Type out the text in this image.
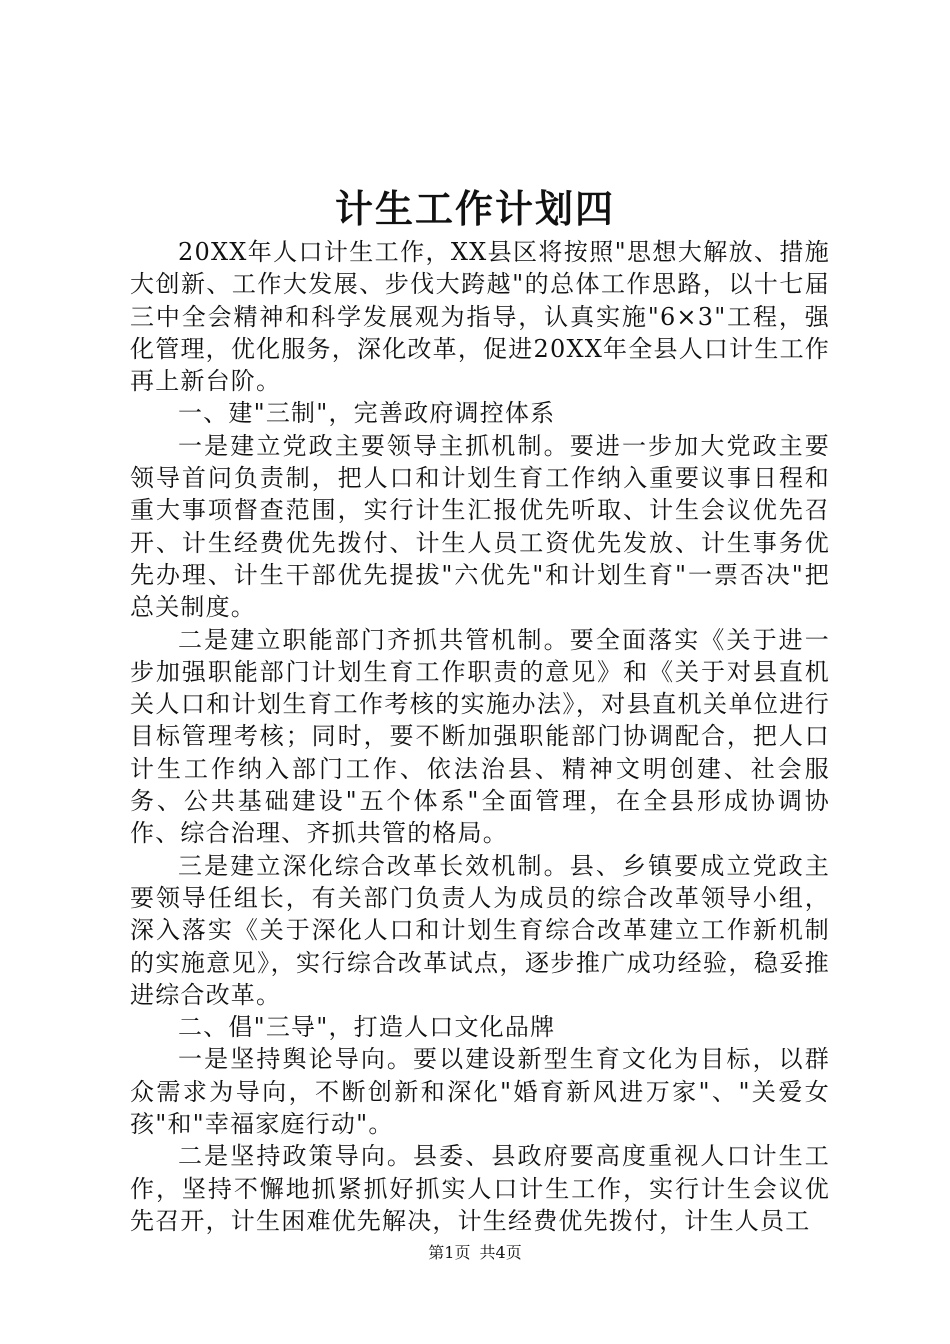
计生工作计划四

20XX年人口计生工作，XX县区将按照"思想大解放、措施大创新、工作大发展、步伐大跨越"的总体工作思路，以十七届三中全会精神和科学发展观为指导，认真实施"6×3"工程，强化管理，优化服务，深化改革，促进20XX年全县人口计生工作再上新台阶。

一、建"三制"，完善政府调控体系

一是建立党政主要领导主抓机制。要进一步加大党政主要领导首问负责制，把人口和计划生育工作纳入重要议事日程和重大事项督查范围，实行计生汇报优先听取、计生会议优先召开、计生经费优先拨付、计生人员工资优先发放、计生事务优先办理、计生干部优先提拔"六优先"和计划生育"一票否决"把总关制度。

二是建立职能部门齐抓共管机制。要全面落实《关于进一步加强职能部门计划生育工作职责的意见》和《关于对县直机关人口和计划生育工作考核的实施办法》，对县直机关单位进行目标管理考核；同时，要不断加强职能部门协调配合，把人口计生工作纳入部门工作、依法治县、精神文明创建、社会服务、公共基础建设"五个体系"全面管理，在全县形成协调协作、综合治理、齐抓共管的格局。

三是建立深化综合改革长效机制。县、乡镇要成立党政主要领导任组长，有关部门负责人为成员的综合改革领导小组，深入落实《关于深化人口和计划生育综合改革建立工作新机制的实施意见》，实行综合改革试点，逐步推广成功经验，稳妥推进综合改革。

二、倡"三导"，打造人口文化品牌

一是坚持舆论导向。要以建设新型生育文化为目标，以群众需求为导向，不断创新和深化"婚育新风进万家"、"关爱女孩"和"幸福家庭行动"。

二是坚持政策导向。县委、县政府要高度重视人口计生工作，坚持不懈地抓紧抓好抓实人口计生工作，实行计生会议优先召开，计生困难优先解决，计生经费优先拨付，计生人员工

第1页 共4页
